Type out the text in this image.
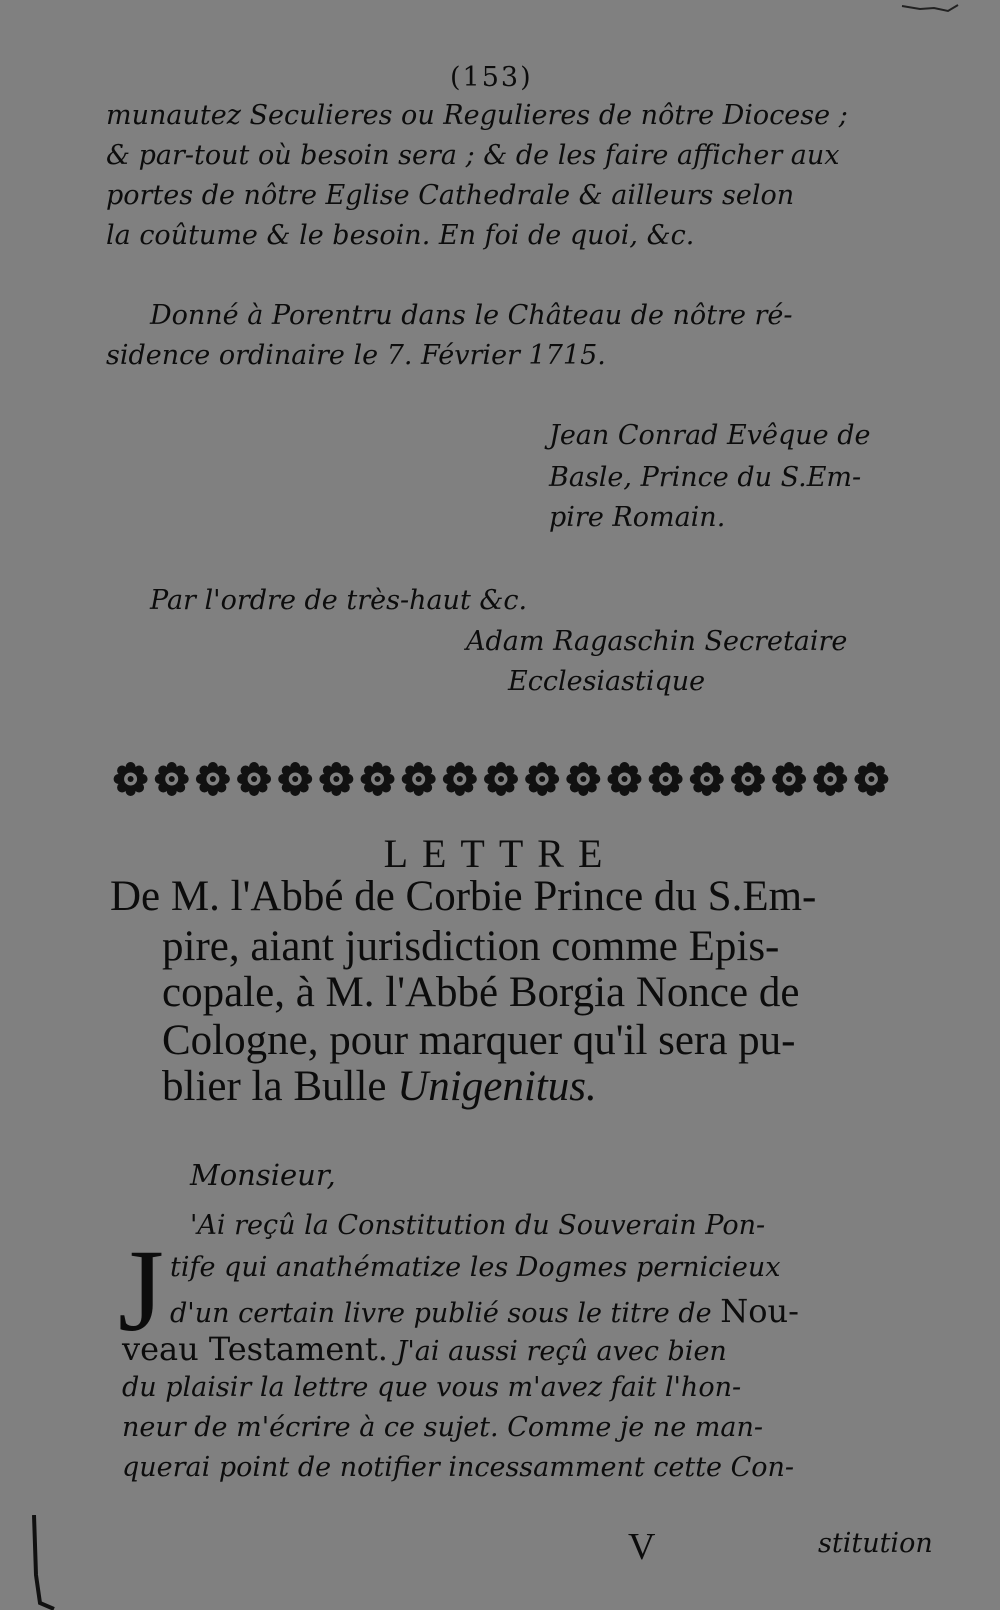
(153)
munautez Seculieres ou Regulieres de nôtre Diocese ;
& par-tout où besoin sera ; & de les faire afficher aux
portes de nôtre Eglise Cathedrale & ailleurs selon
la coûtume & le besoin. En foi de quoi, &c.
Donné à Porentru dans le Château de nôtre ré-
sidence ordinaire le 7. Février 1715.
Jean Conrad Evêque de
Basle, Prince du S.Em-
pire Romain.
Par l'ordre de très-haut &c.
Adam Ragaschin Secretaire
Ecclesiastique
LETTRE
De M. l'Abbé de Corbie Prince du S.Em-
pire, aiant jurisdiction comme Epis-
copale, à M. l'Abbé Borgia Nonce de
Cologne, pour marquer qu'il sera pu-
blier la Bulle Unigenitus.
Monsieur,
J 'Ai reçû la Constitution du Souverain Pon-
tife qui anathématize les Dogmes pernicieux
d'un certain livre publié sous le titre de Nou-
veau Testament. J'ai aussi reçû avec bien
du plaisir la lettre que vous m'avez fait l'hon-
neur de m'écrire à ce sujet. Comme je ne man-
querai point de notifier incessamment cette Con-
V	stitution
